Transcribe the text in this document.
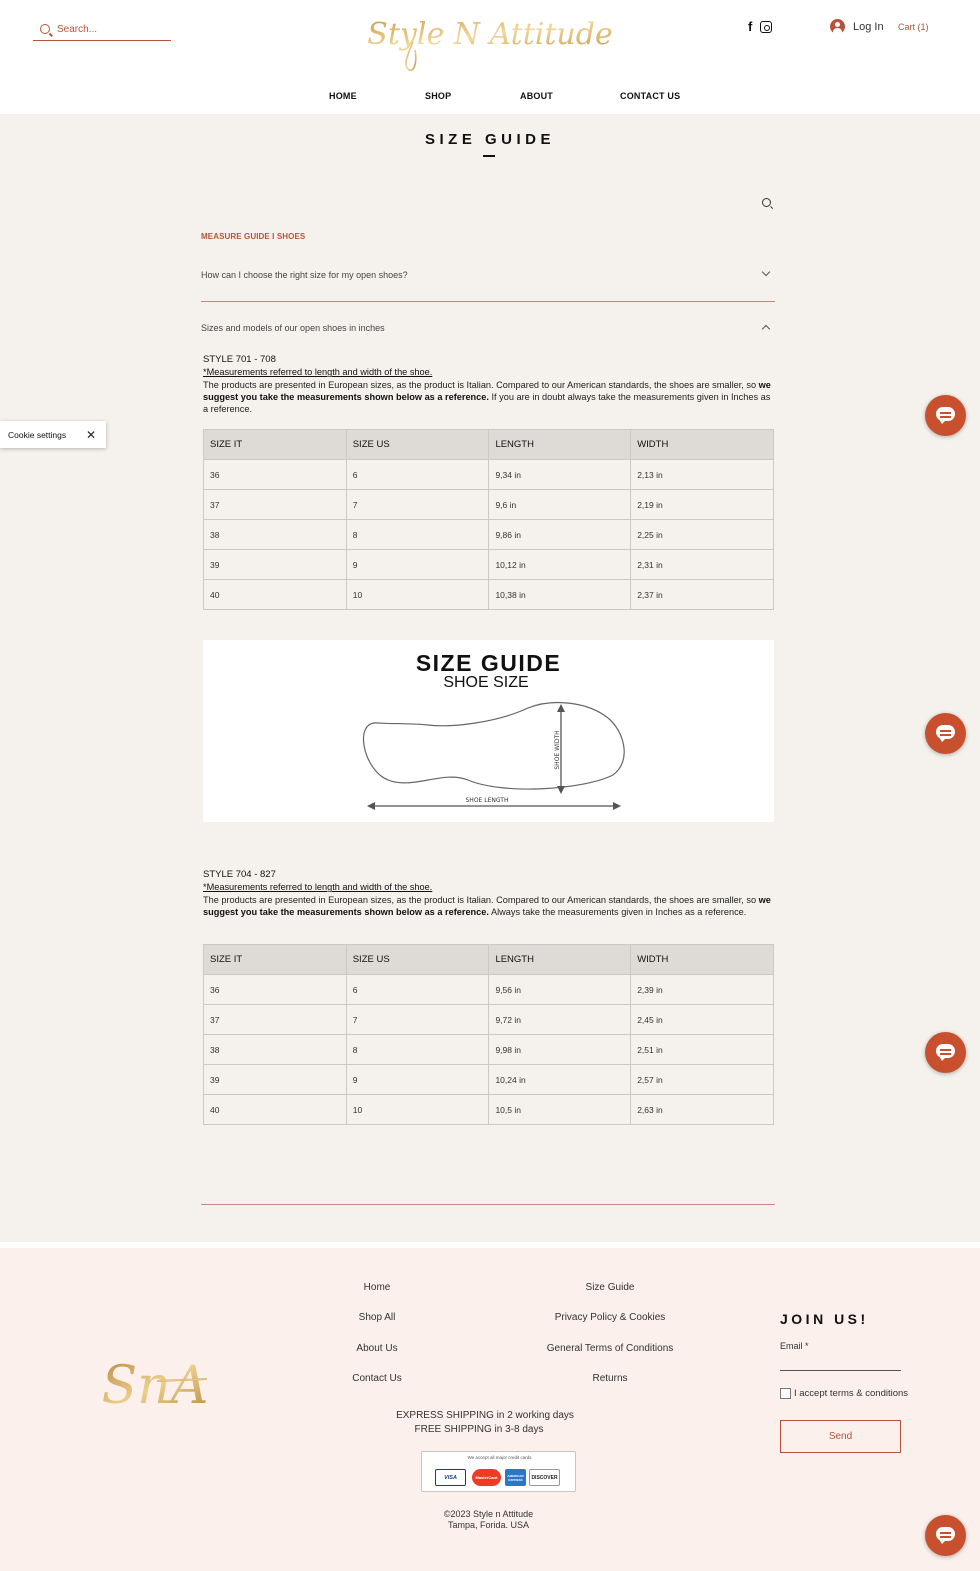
Search...
Style N Attitude	f	Log In Cart (1)
HOME	SHOP	ABOUT	CONTACT US
SIZE GUIDE
MEASURE GUIDE I SHOES
How can I choose the right size for my open shoes?
Sizes and models of our open shoes in inches
STYLE 701 - 708
*Measurements referred to length and width of the shoe.
The products are presented in European sizes, as the product is Italian. Compared to our American standards, the shoes are smaller, so we suggest you take the measurements shown below as a reference. If you are in doubt always take the measurements given in Inches as a reference.
SIZE IT	SIZE US	LENGTH	WIDTH
36	6	9,34 in	2,13 in
37	7	9,6 in	2,19 in
38	8	9,86 in	2,25 in
39	9	10,12 in	2,31 in
40	10	10,38 in	2,37 in
SIZE GUIDE
SHOE SIZE
SHOE WIDTH
SHOE LENGTH
STYLE 704 - 827
*Measurements referred to length and width of the shoe.
The products are presented in European sizes, as the product is Italian. Compared to our American standards, the shoes are smaller, so we suggest you take the measurements shown below as a reference. Always take the measurements given in Inches as a reference.
SIZE IT	SIZE US	LENGTH	WIDTH
36	6	9,56 in	2,39 in
37	7	9,72 in	2,45 in
38	8	9,98 in	2,51 in
39	9	10,24 in	2,57 in
40	10	10,5 in	2,63 in
Cookie settings ✕
SnA
Home
Shop All
About Us
Contact Us
Size Guide
Privacy Policy & Cookies
General Terms of Conditions
Returns
EXPRESS SHIPPING in 2 working days
FREE SHIPPING in 3-8 days
We accept all major credit cards
VISA	MasterCard	AMERICAN EXPRESS	DISCOVER
©2023 Style n Attitude
Tampa, Forida. USA
JOIN US!
Email *
I accept terms & conditions
Send
